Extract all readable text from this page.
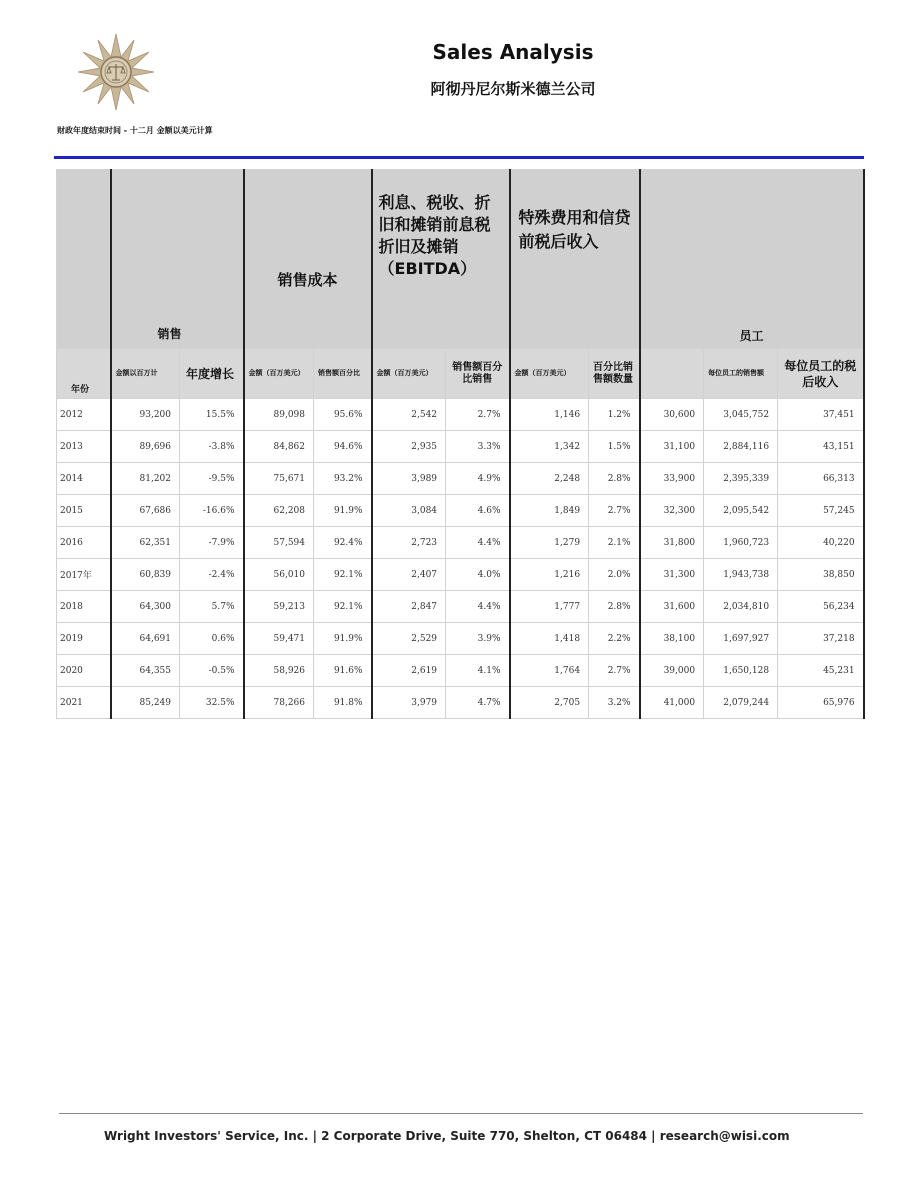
Sales Analysis
阿彻丹尼尔斯米德兰公司
财政年度结束时间 - 十二月 金额以美元计算
	销售		销售成本		利息、税收、折旧和摊销前息税折旧及摊销（EBITDA）		特殊费用和信贷前税后收入		员工		
年份	金额以百万计	年度增长	金额（百万美元）	销售额百分比	金额（百万美元）	销售额百分比销售	金额（百万美元）	百分比销售额数量		每位员工的销售额	每位员工的税后收入
2012	93,200	15.5%	89,098	95.6%	2,542	2.7%	1,146	1.2%	30,600	3,045,752	37,451
2013	89,696	-3.8%	84,862	94.6%	2,935	3.3%	1,342	1.5%	31,100	2,884,116	43,151
2014	81,202	-9.5%	75,671	93.2%	3,989	4.9%	2,248	2.8%	33,900	2,395,339	66,313
2015	67,686	-16.6%	62,208	91.9%	3,084	4.6%	1,849	2.7%	32,300	2,095,542	57,245
2016	62,351	-7.9%	57,594	92.4%	2,723	4.4%	1,279	2.1%	31,800	1,960,723	40,220
2017年	60,839	-2.4%	56,010	92.1%	2,407	4.0%	1,216	2.0%	31,300	1,943,738	38,850
2018	64,300	5.7%	59,213	92.1%	2,847	4.4%	1,777	2.8%	31,600	2,034,810	56,234
2019	64,691	0.6%	59,471	91.9%	2,529	3.9%	1,418	2.2%	38,100	1,697,927	37,218
2020	64,355	-0.5%	58,926	91.6%	2,619	4.1%	1,764	2.7%	39,000	1,650,128	45,231
2021	85,249	32.5%	78,266	91.8%	3,979	4.7%	2,705	3.2%	41,000	2,079,244	65,976
Wright Investors' Service, Inc. | 2 Corporate Drive, Suite 770, Shelton, CT 06484 | research@wisi.com
